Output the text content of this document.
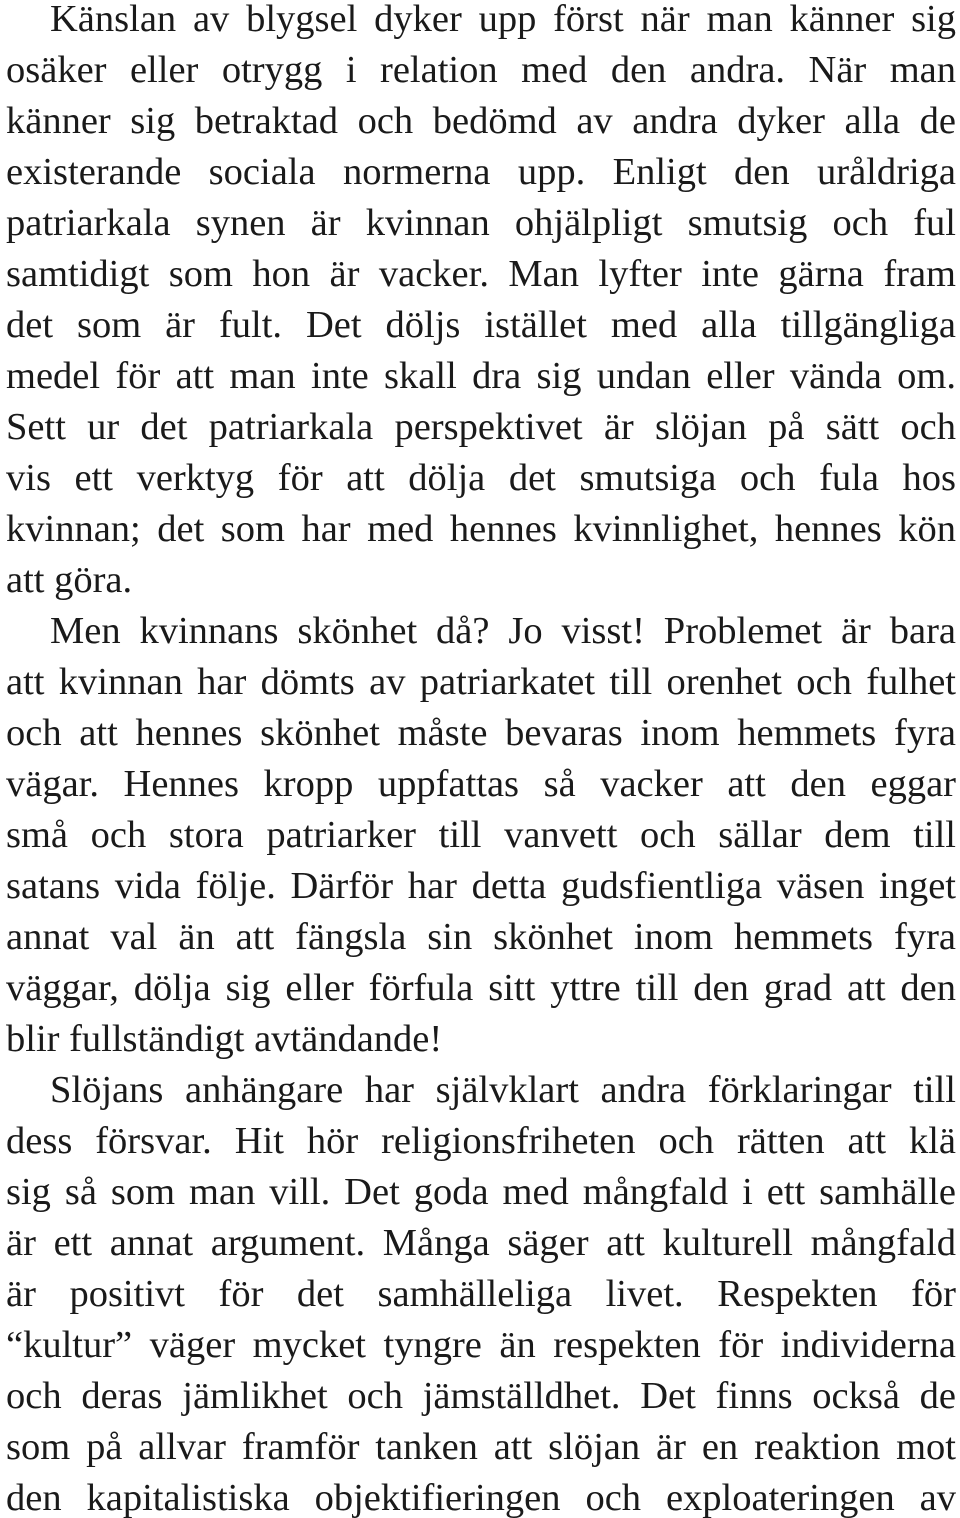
Känslan av blygsel dyker upp först när man känner sig
osäker eller otrygg i relation med den andra. När man
känner sig betraktad och bedömd av andra dyker alla de
existerande sociala normerna upp. Enligt den uråldriga
patriarkala synen är kvinnan ohjälpligt smutsig och ful
samtidigt som hon är vacker. Man lyfter inte gärna fram
det som är fult. Det döljs istället med alla tillgängliga
medel för att man inte skall dra sig undan eller vända om.
Sett ur det patriarkala perspektivet är slöjan på sätt och
vis ett verktyg för att dölja det smutsiga och fula hos
kvinnan; det som har med hennes kvinnlighet, hennes kön
att göra.
Men kvinnans skönhet då? Jo visst! Problemet är bara
att kvinnan har dömts av patriarkatet till orenhet och fulhet
och att hennes skönhet måste bevaras inom hemmets fyra
vägar. Hennes kropp uppfattas så vacker att den eggar
små och stora patriarker till vanvett och sällar dem till
satans vida följe. Därför har detta gudsfientliga väsen inget
annat val än att fängsla sin skönhet inom hemmets fyra
väggar, dölja sig eller förfula sitt yttre till den grad att den
blir fullständigt avtändande!
Slöjans anhängare har självklart andra förklaringar till
dess försvar. Hit hör religionsfriheten och rätten att klä
sig så som man vill. Det goda med mångfald i ett samhälle
är ett annat argument. Många säger att kulturell mångfald
är positivt för det samhälleliga livet. Respekten för
“kultur” väger mycket tyngre än respekten för individerna
och deras jämlikhet och jämställdhet. Det finns också de
som på allvar framför tanken att slöjan är en reaktion mot
den kapitalistiska objektifieringen och exploateringen av
